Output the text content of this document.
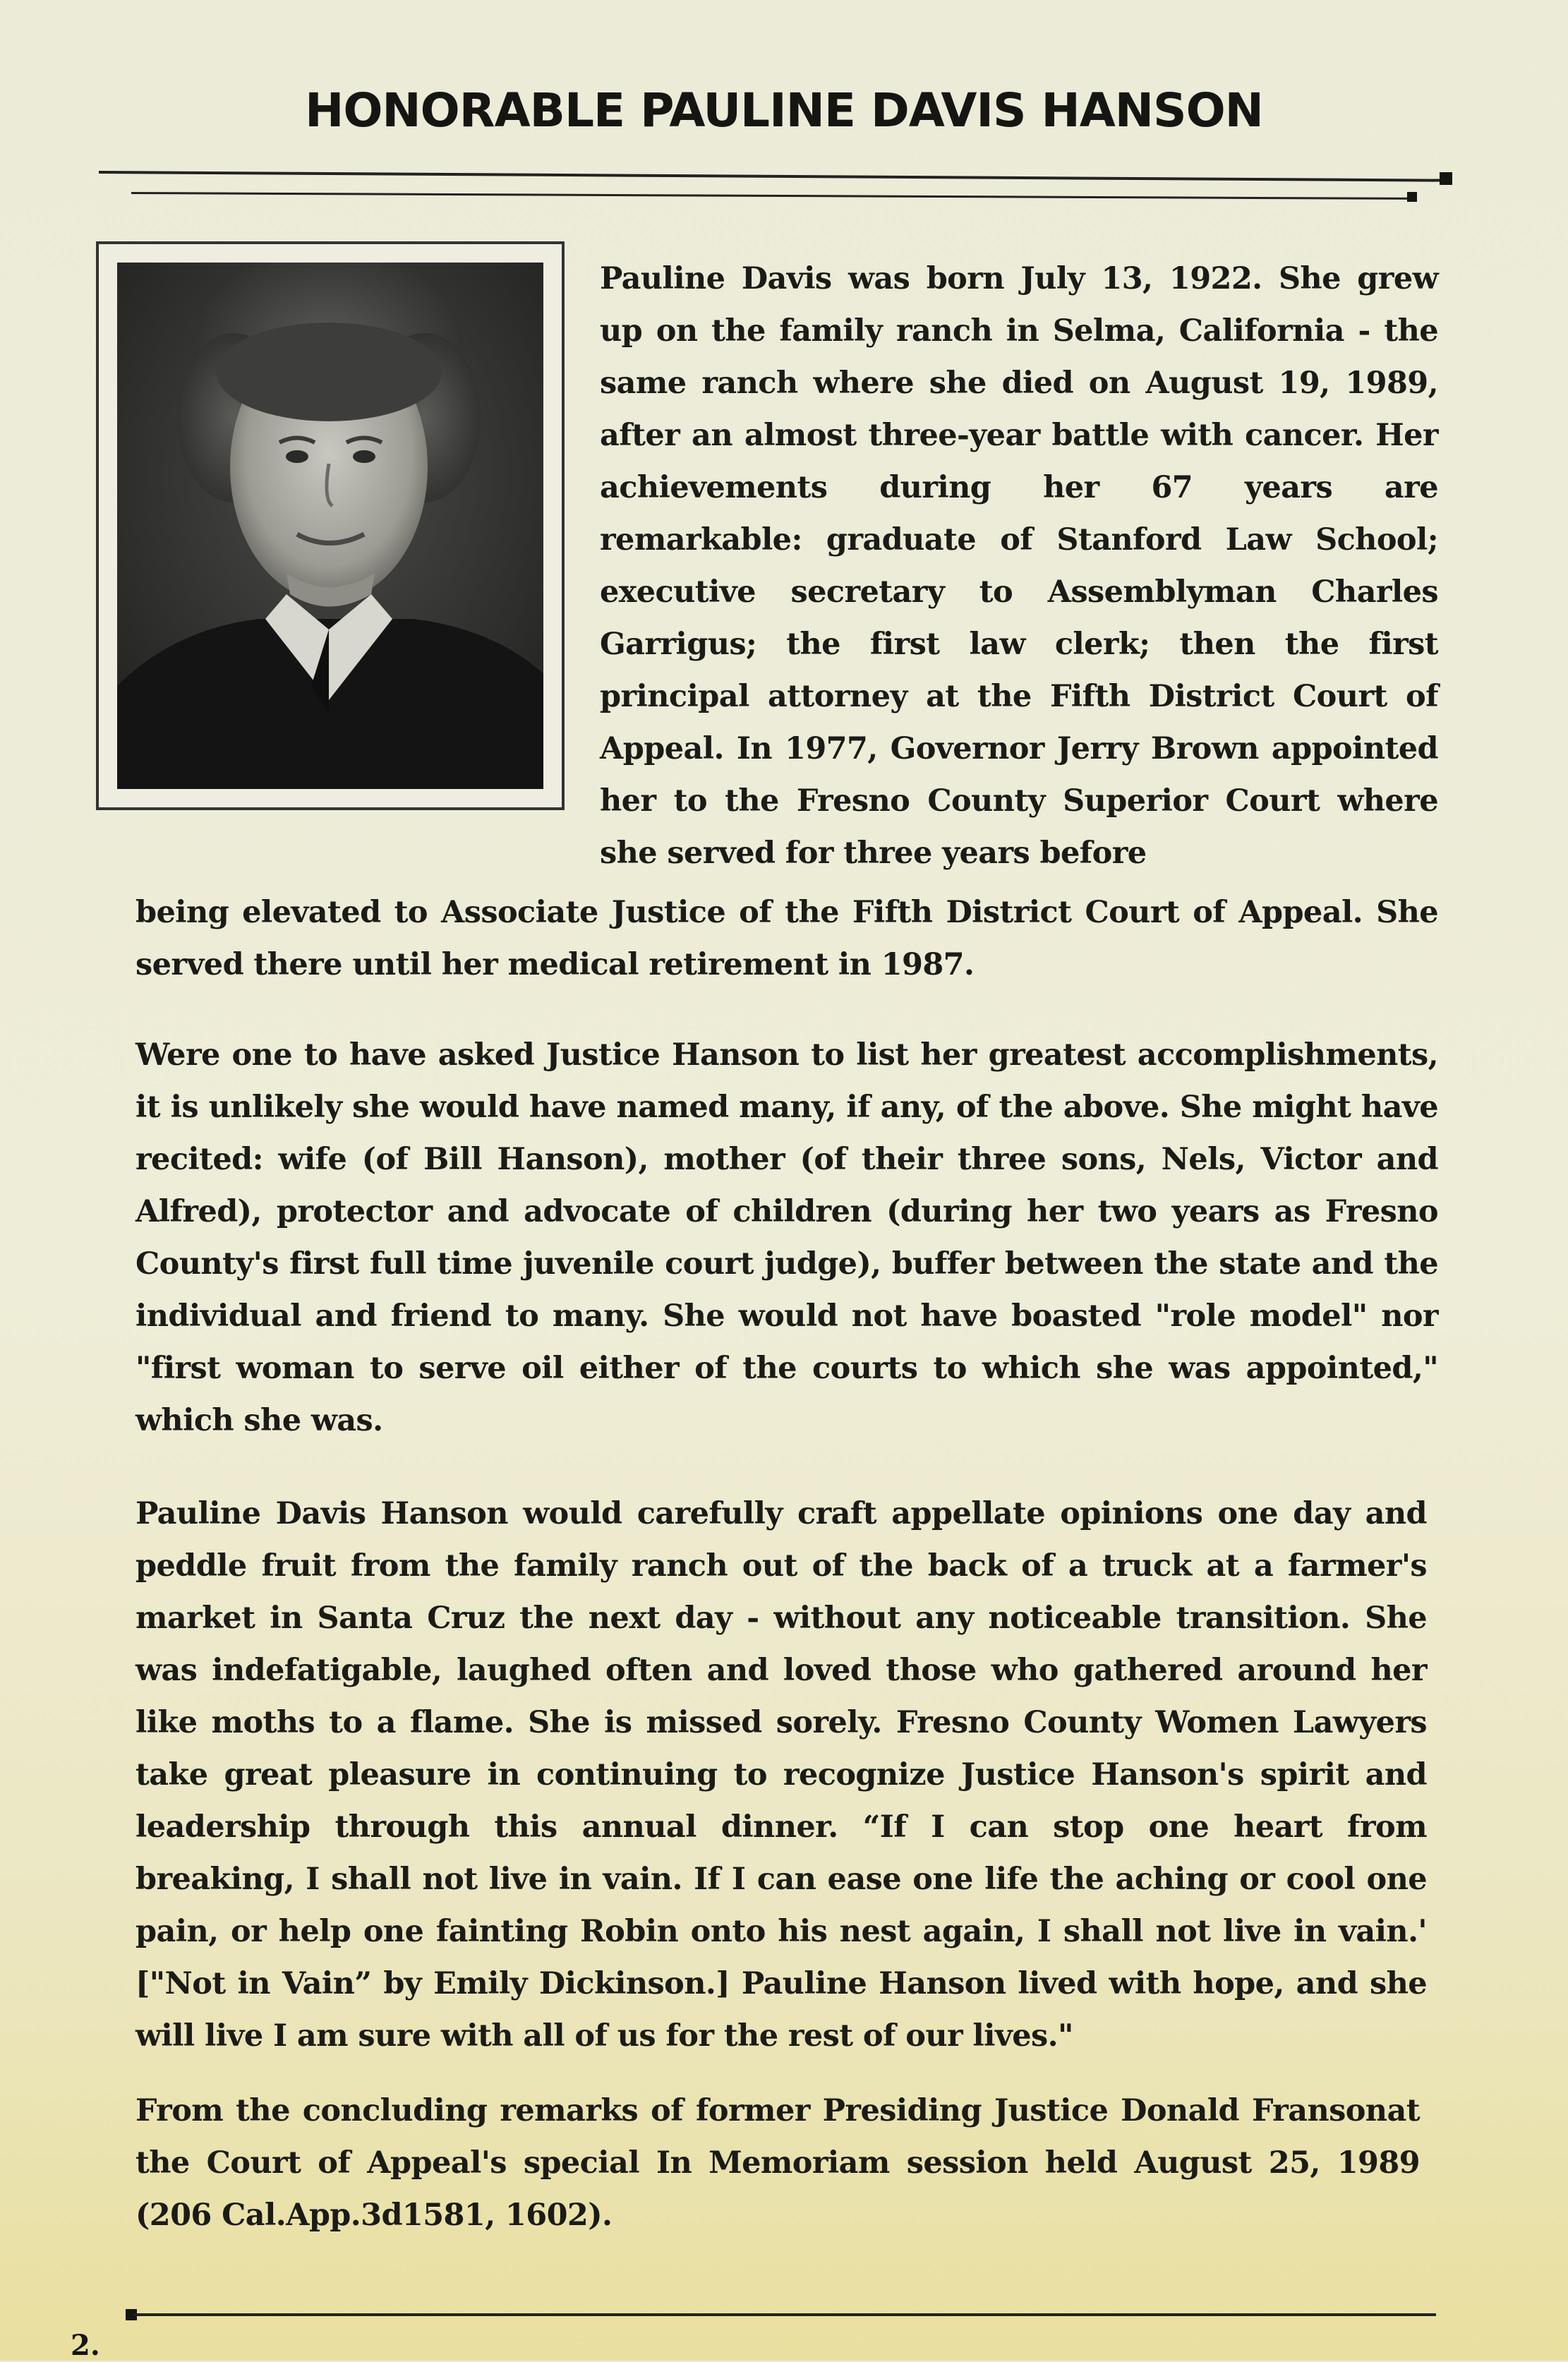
HONORABLE PAULINE DAVIS HANSON
Pauline Davis was born July 13, 1922. She grew up on the family ranch in Selma, California - the same ranch where she died on August 19, 1989, after an almost three-year battle with cancer. Her achievements during her 67 years are remarkable: graduate of Stanford Law School; executive secretary to Assemblyman Charles Garrigus; the first law clerk; then the first principal attorney at the Fifth District Court of Appeal. In 1977, Governor Jerry Brown appointed her to the Fresno County Superior Court where she served for three years before
being elevated to Associate Justice of the Fifth District Court of Appeal. She served there until her medical retirement in 1987.
Were one to have asked Justice Hanson to list her greatest accomplishments, it is unlikely she would have named many, if any, of the above. She might have recited: wife (of Bill Hanson), mother (of their three sons, Nels, Victor and Alfred), protector and advocate of children (during her two years as Fresno County's first full time juvenile court judge), buffer between the state and the individual and friend to many. She would not have boasted "role model" nor "first woman to serve oil either of the courts to which she was appointed," which she was.
Pauline Davis Hanson would carefully craft appellate opinions one day and peddle fruit from the family ranch out of the back of a truck at a farmer's market in Santa Cruz the next day - without any noticeable transition. She was indefatigable, laughed often and loved those who gathered around her like moths to a flame. She is missed sorely. Fresno County Women Lawyers take great pleasure in continuing to recognize Justice Hanson's spirit and leadership through this annual dinner. “If I can stop one heart from breaking, I shall not live in vain. If I can ease one life the aching or cool one pain, or help one fainting Robin onto his nest again, I shall not live in vain.' ["Not in Vain” by Emily Dickinson.] Pauline Hanson lived with hope, and she will live I am sure with all of us for the rest of our lives."
From the concluding remarks of former Presiding Justice Donald Fransonat the Court of Appeal's special In Memoriam session held August 25, 1989 (206 Cal.App.3d1581, 1602).
2.
